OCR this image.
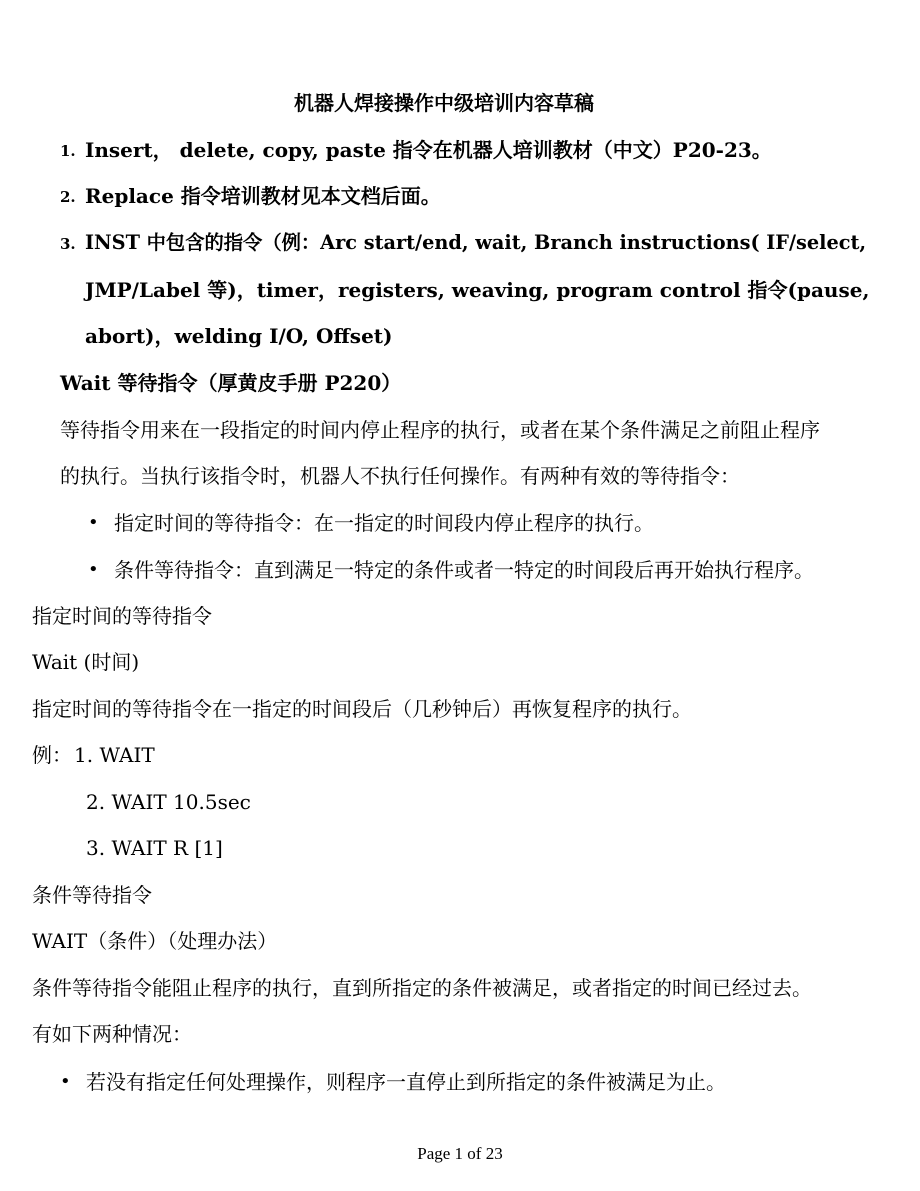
机器人焊接操作中级培训内容草稿
1. Insert， delete, copy, paste 指令在机器人培训教材（中文）P20-23。
2. Replace 指令培训教材见本文档后面。
3. INST 中包含的指令（例：Arc start/end, wait, Branch instructions( IF/select,
JMP/Label 等)，timer，registers, weaving, program control 指令(pause,
abort)，welding I/O, Offset)
Wait 等待指令（厚黄皮手册 P220）
等待指令用来在一段指定的时间内停止程序的执行，或者在某个条件满足之前阻止程序
的执行。当执行该指令时，机器人不执行任何操作。有两种有效的等待指令：
• 指定时间的等待指令：在一指定的时间段内停止程序的执行。
• 条件等待指令：直到满足一特定的条件或者一特定的时间段后再开始执行程序。
指定时间的等待指令
Wait (时间)
指定时间的等待指令在一指定的时间段后（几秒钟后）再恢复程序的执行。
例： 1. WAIT
2. WAIT 10.5sec
3. WAIT R [1]
条件等待指令
WAIT（条件）（处理办法）
条件等待指令能阻止程序的执行，直到所指定的条件被满足，或者指定的时间已经过去。
有如下两种情况：
• 若没有指定任何处理操作，则程序一直停止到所指定的条件被满足为止。
Page 1 of 23
